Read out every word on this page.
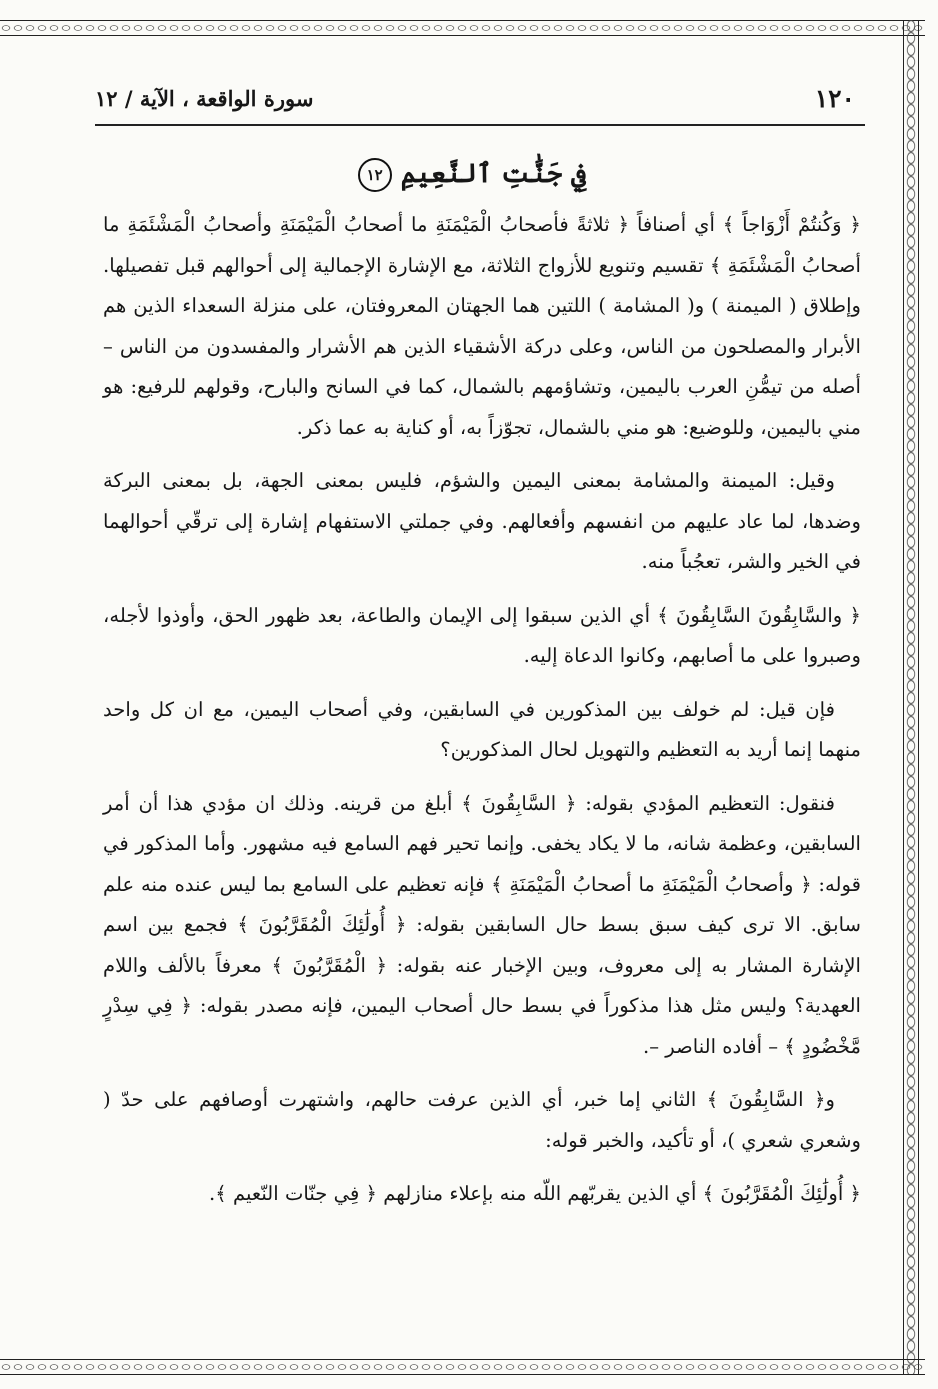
١٢٠
سورة الواقعة ، الآية / ١٢
فِي جَنَّٰتِ ٱلنَّعِيمِ ١٢

﴿ وَكُنتُمْ أَزْوَاجاً ﴾ أي أصنافاً ﴿ ثلاثةً فأصحابُ الْمَيْمَنَةِ ما أصحابُ الْمَيْمَنَةِ وأصحابُ الْمَشْئَمَةِ ما أصحابُ الْمَشْئَمَةِ ﴾ تقسيم وتنويع للأزواج الثلاثة، مع الإشارة الإجمالية إلى أحوالهم قبل تفصيلها. وإطلاق ( الميمنة ) و( المشامة ) اللتين هما الجهتان المعروفتان، على منزلة السعداء الذين هم الأبرار والمصلحون من الناس، وعلى دركة الأشقياء الذين هم الأشرار والمفسدون من الناس – أصله من تيمُّنِ العرب باليمين، وتشاؤمهم بالشمال، كما في السانح والبارح، وقولهم للرفيع: هو مني باليمين، وللوضيع: هو مني بالشمال، تجوّزاً به، أو كناية به عما ذكر.

وقيل: الميمنة والمشامة بمعنى اليمين والشؤم، فليس بمعنى الجهة، بل بمعنى البركة وضدها، لما عاد عليهم من انفسهم وأفعالهم. وفي جملتي الاستفهام إشارة إلى ترقّي أحوالهما في الخير والشر، تعجُباً منه.

﴿ والسَّابِقُونَ السَّابِقُونَ ﴾ أي الذين سبقوا إلى الإيمان والطاعة، بعد ظهور الحق، وأوذوا لأجله، وصبروا على ما أصابهم، وكانوا الدعاة إليه.

فإن قيل: لم خولف بين المذكورين في السابقين، وفي أصحاب اليمين، مع ان كل واحد منهما إنما أريد به التعظيم والتهويل لحال المذكورين؟

فنقول: التعظيم المؤدي بقوله: ﴿ السَّابِقُونَ ﴾ أبلغ من قرينه. وذلك ان مؤدي هذا أن أمر السابقين، وعظمة شانه، ما لا يكاد يخفى. وإنما تحير فهم السامع فيه مشهور. وأما المذكور في قوله: ﴿ وأصحابُ الْمَيْمَنَةِ ما أصحابُ الْمَيْمَنَةِ ﴾ فإنه تعظيم على السامع بما ليس عنده منه علم سابق. الا ترى كيف سبق بسط حال السابقين بقوله: ﴿ أُولَٰئِكَ الْمُقَرَّبُونَ ﴾ فجمع بين اسم الإشارة المشار به إلى معروف، وبين الإخبار عنه بقوله: ﴿ الْمُقَرَّبُونَ ﴾ معرفاً بالألف واللام العهدية؟ وليس مثل هذا مذكوراً في بسط حال أصحاب اليمين، فإنه مصدر بقوله: ﴿ فِي سِدْرٍ مَّخْضُودٍ ﴾ – أفاده الناصر –.

و﴿ السَّابِقُونَ ﴾ الثاني إما خبر، أي الذين عرفت حالهم، واشتهرت أوصافهم على حدّ ( وشعري شعري )، أو تأكيد، والخبر قوله:

﴿ أُولَٰئِكَ الْمُقَرَّبُونَ ﴾ أي الذين يقربّهم اللّه منه بإعلاء منازلهم ﴿ فِي جنّات النّعيم ﴾.
